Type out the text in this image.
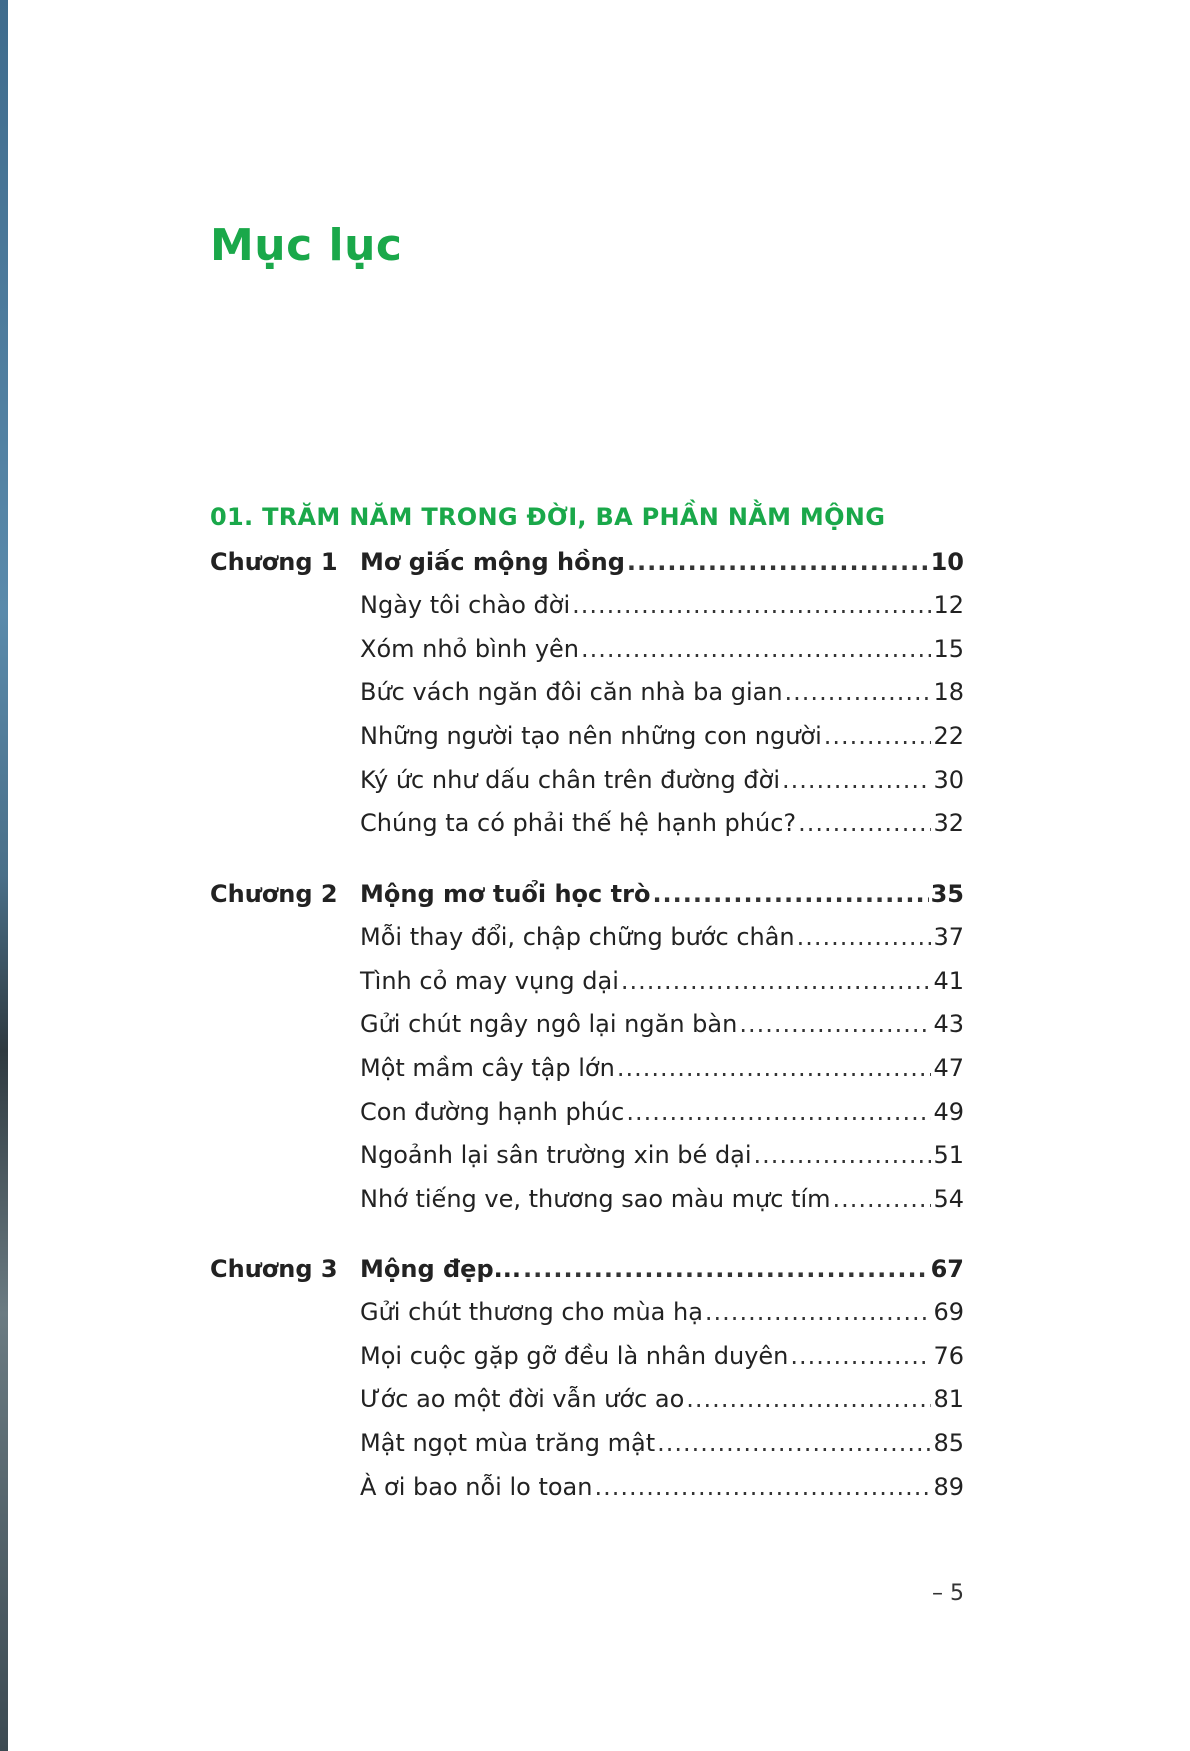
Mục lục
01. TRĂM NĂM TRONG ĐỜI, BA PHẦN NẰM MỘNG
Chương 1 Mơ giấc mộng hồng .....	10
Ngày tôi chào đời .....	12
Xóm nhỏ bình yên .....	15
Bức vách ngăn đôi căn nhà ba gian .....	18
Những người tạo nên những con người .....	22
Ký ức như dấu chân trên đường đời .....	30
Chúng ta có phải thế hệ hạnh phúc? .....	32
Chương 2 Mộng mơ tuổi học trò .....	35
Mỗi thay đổi, chập chững bước chân .....	37
Tình cỏ may vụng dại .....	41
Gửi chút ngây ngô lại ngăn bàn .....	43
Một mầm cây tập lớn .....	47
Con đường hạnh phúc .....	49
Ngoảnh lại sân trường xin bé dại .....	51
Nhớ tiếng ve, thương sao màu mực tím .....	54
Chương 3 Mộng đẹp... .....	67
Gửi chút thương cho mùa hạ .....	69
Mọi cuộc gặp gỡ đều là nhân duyên .....	76
Ước ao một đời vẫn ước ao .....	81
Mật ngọt mùa trăng mật .....	85
À ơi bao nỗi lo toan .....	89
– 5
